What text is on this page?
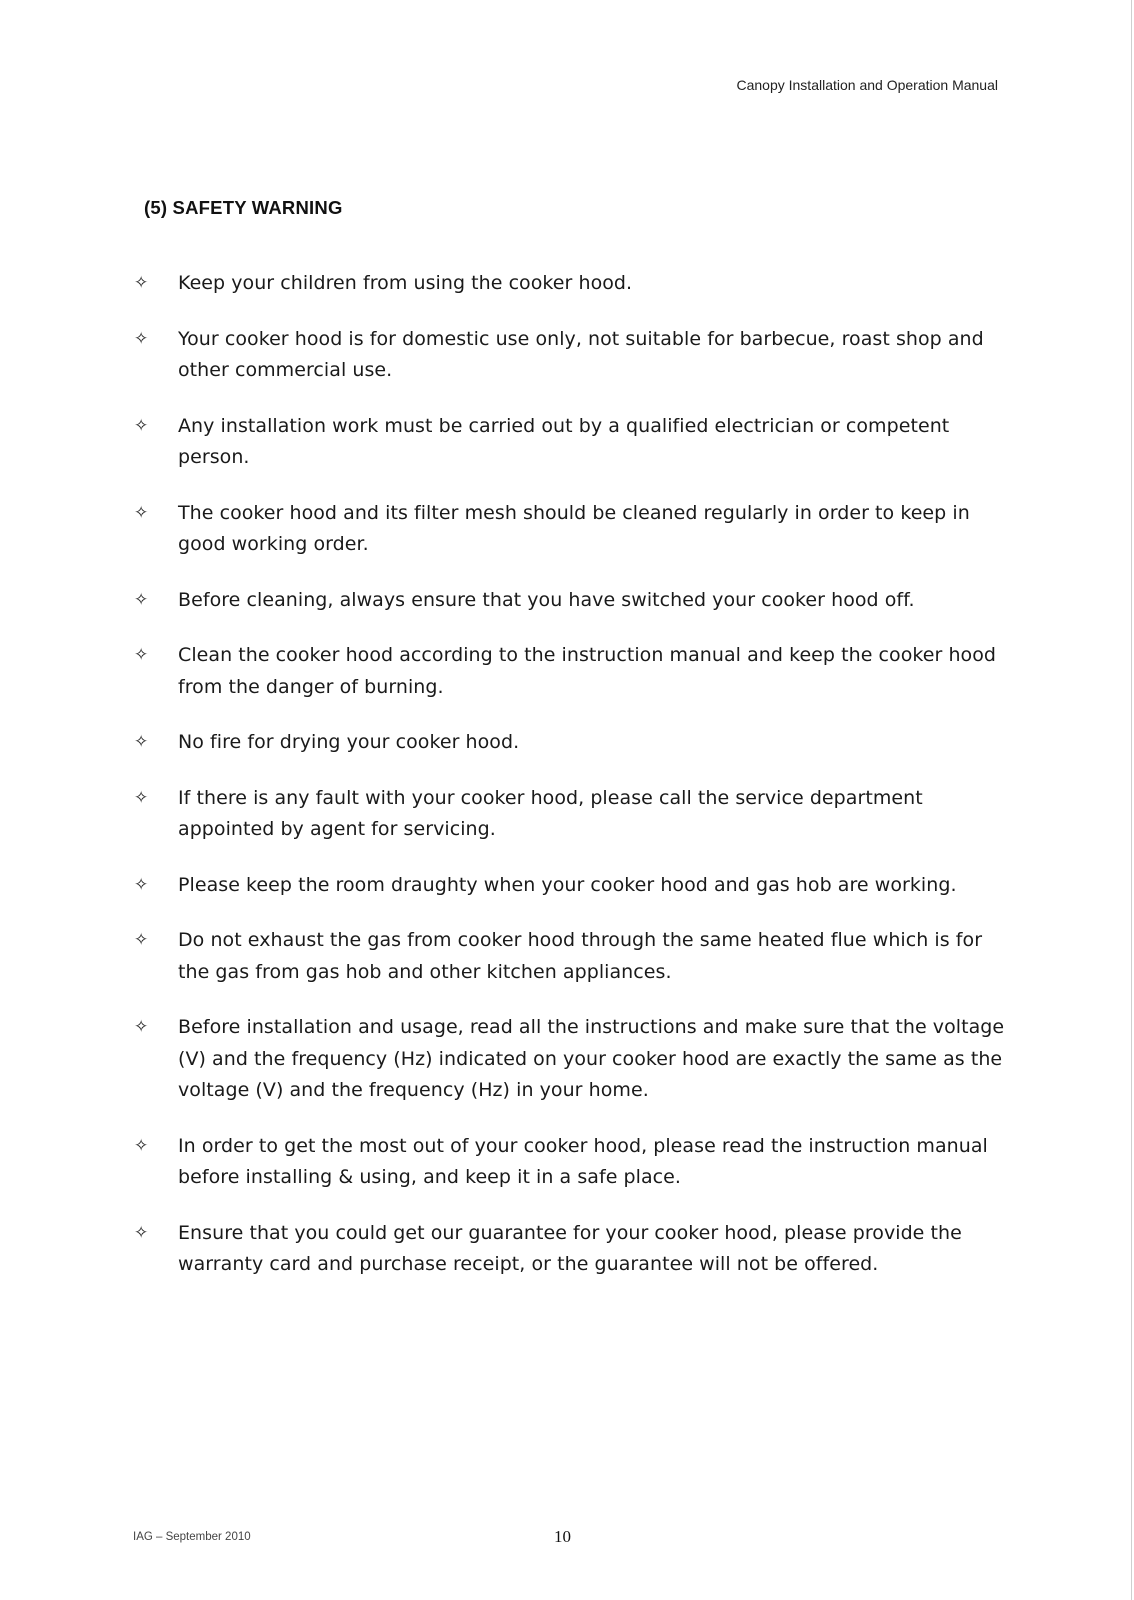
Canopy Installation and Operation Manual
(5) SAFETY WARNING
✧	Keep your children from using the cooker hood.
✧	Your cooker hood is for domestic use only, not suitable for barbecue, roast shop and other commercial use.
✧	Any installation work must be carried out by a qualified electrician or competent person.
✧	The cooker hood and its filter mesh should be cleaned regularly in order to keep in good working order.
✧	Before cleaning, always ensure that you have switched your cooker hood off.
✧	Clean the cooker hood according to the instruction manual and keep the cooker hood from the danger of burning.
✧	No fire for drying your cooker hood.
✧	If there is any fault with your cooker hood, please call the service department appointed by agent for servicing.
✧	Please keep the room draughty when your cooker hood and gas hob are working.
✧	Do not exhaust the gas from cooker hood through the same heated flue which is for the gas from gas hob and other kitchen appliances.
✧	Before installation and usage, read all the instructions and make sure that the voltage (V) and the frequency (Hz) indicated on your cooker hood are exactly the same as the voltage (V) and the frequency (Hz) in your home.
✧	In order to get the most out of your cooker hood, please read the instruction manual before installing & using, and keep it in a safe place.
✧	Ensure that you could get our guarantee for your cooker hood, please provide the warranty card and purchase receipt, or the guarantee will not be offered.
IAG – September 2010	10
